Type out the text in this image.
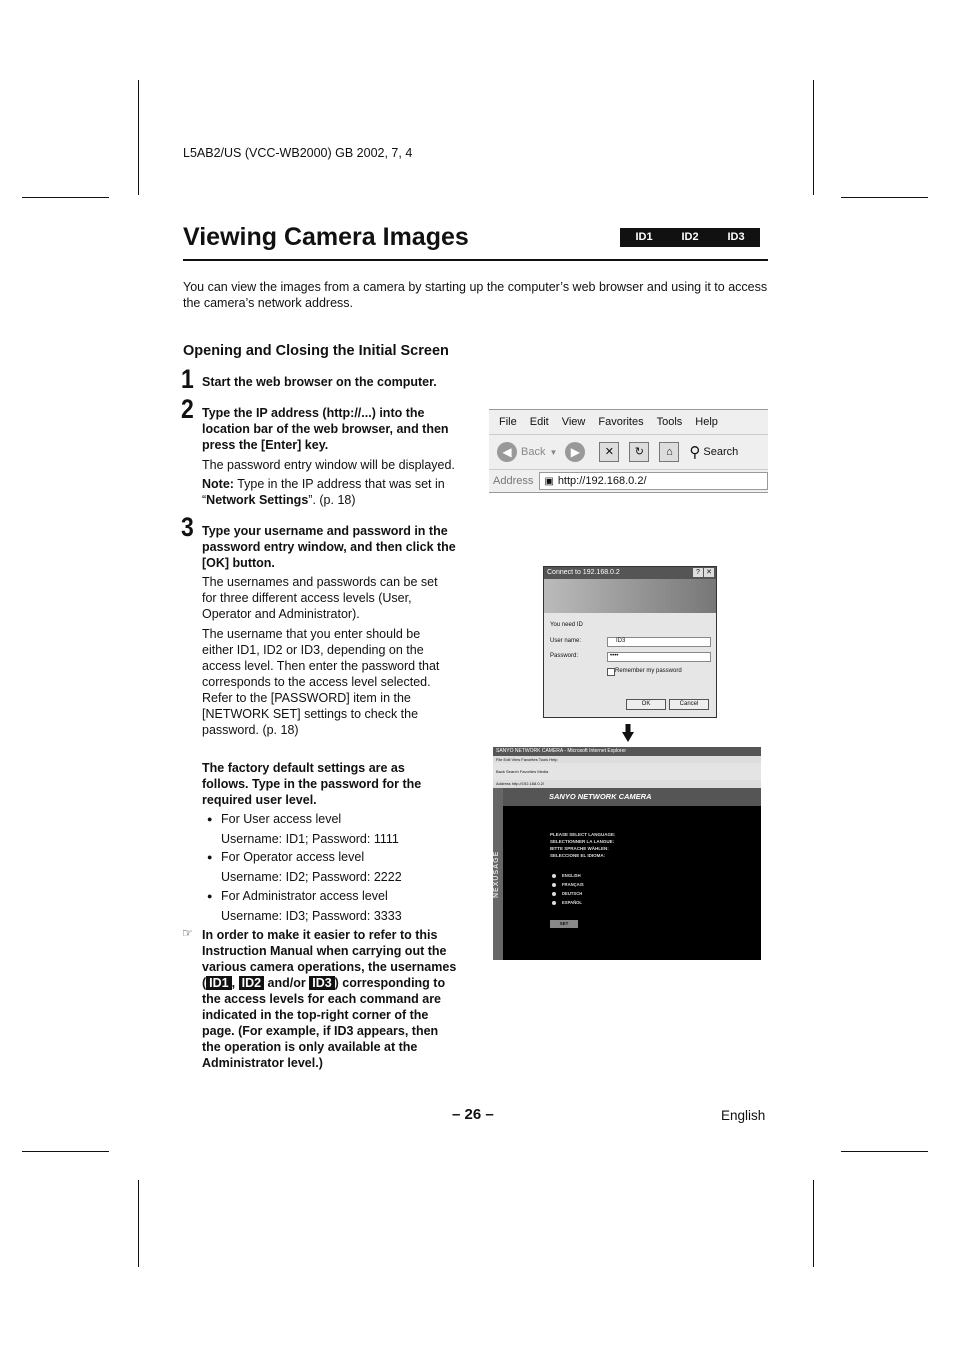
L5AB2/US (VCC-WB2000) GB 2002, 7, 4
Viewing Camera Images	ID1	ID2	ID3
You can view the images from a camera by starting up the computer’s web browser and using it to access the camera’s network address.
Opening and Closing the Initial Screen
1 Start the web browser on the computer.
2 Type the IP address (http://...) into the location bar of the web browser, and then press the [Enter] key.
The password entry window will be displayed.
Note: Type in the IP address that was set in “Network Settings”. (p. 18)
3 Type your username and password in the password entry window, and then click the [OK] button.
The usernames and passwords can be set for three different access levels (User, Operator and Administrator).
The username that you enter should be either ID1, ID2 or ID3, depending on the access level. Then enter the password that corresponds to the access level selected. Refer to the [PASSWORD] item in the [NETWORK SET] settings to check the password. (p. 18)
The factory default settings are as follows. Type in the password for the required user level.
● For User access level
Username: ID1; Password: 1111
● For Operator access level
Username: ID2; Password: 2222
● For Administrator access level
Username: ID3; Password: 3333
☞ In order to make it easier to refer to this Instruction Manual when carrying out the various camera operations, the usernames ( ID1 , ID2 and/or ID3 ) corresponding to the access levels for each command are indicated in the top-right corner of the page. (For example, if ID3 appears, then the operation is only available at the Administrator level.)
File Edit View Favorites Tools Help
◀ Back ▼	▶	✕	↻	⌂	⚲ Search
Address ▣ http://192.168.0.2/
Connect to 192.168.0.2	? ✕
You need ID
User name:	ID3
Password:	••••
Remember my password
OK	Cancel
SANYO NETWORK CAMERA - Microsoft Internet Explorer
File Edit View Favorites Tools Help
Back Search Favorites Media
Address http://192.168.0.2/
NEXUSAGE
SANYO NETWORK CAMERA
PLEASE SELECT LANGUAGE:
SELECTIONNER LA LANGUE:
BITTE SPRACHE WÄHLEN:
SELECCIONE EL IDIOMA:
ENGLISH
FRANÇAIS
DEUTSCH
ESPAÑOL
SET
– 26 –	English
